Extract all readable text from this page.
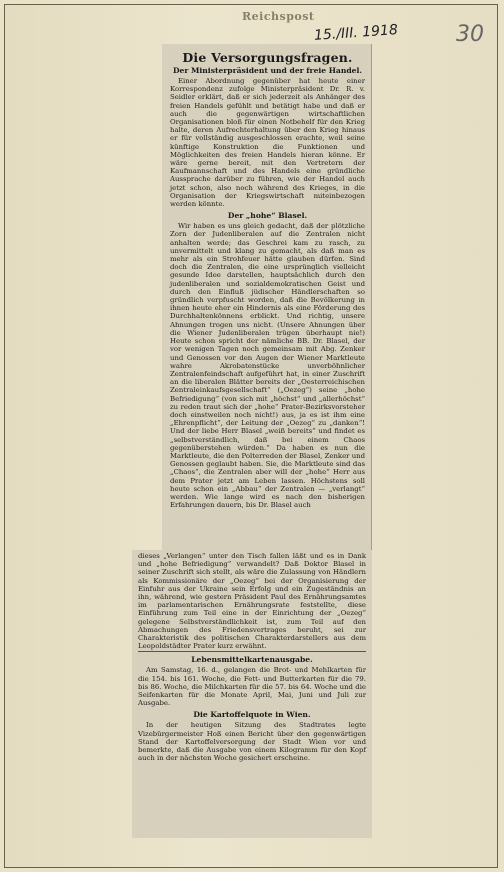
Reichspost
15./III. 1918	30
Die Versorgungsfragen.
Der Ministerpräsident und der freie Handel.

Einer Abordnung gegenüber hat heute einer Korrespondenz zufolge Ministerpräsident Dr. R. v. Seidler erklärt, daß er sich jederzeit als Anhänger des freien Handels gefühlt und betätigt habe und daß er auch die gegenwärtigen wirtschaftlichen Organisationen bloß für einen Notbehelf für den Krieg halte, deren Aufrechterhaltung über den Krieg hinaus er für vollständig ausgeschlossen erachte, weil seine künftige Konstruktion die Funktionen und Möglichkeiten des freien Handels hieran könne. Er wäre gerne bereit, mit den Vertretern der Kaufmannschaft und des Handels eine gründliche Aussprache darüber zu führen, wie der Handel auch jetzt schon, also noch während des Krieges, in die Organisation der Kriegswirtschaft miteinbezogen werden könnte.

Der „hohe“ Blasel.

Wir haben es uns gleich gedacht, daß der plötzliche Zorn der Judenliberalen auf die Zentralen nicht anhalten werde; das Geschrei kam zu rasch, zu unvermittelt und klang zu gemacht, als daß man es mehr als ein Strohfeuer hätte glauben dürfen. Sind doch die Zentralen, die eine ursprünglich vielleicht gesunde Idee darstellen, hauptsächlich durch den judenliberalen und sozialdemokratischen Geist und durch den Einfluß jüdischer Händlerschaften so gründlich verpfuscht worden, daß die Bevölkerung in ihnen heute eher ein Hindernis als eine Förderung des Durchhaltenkönnens erblickt. Und richtig, unsere Ahnungen trogen uns nicht. (Unsere Ahnungen über die Wiener Judenliberalen trügen überhaupt nie!) Heute schon spricht der nämliche BB. Dr. Blasel, der vor wenigen Tagen noch gemeinsam mit Abg. Zenker und Genossen vor den Augen der Wiener Marktleute wahre Akrobatenstücke unverböhnlicher Zentralenfeindschaft aufgeführt hat, in einer Zuschrift an die liberalen Blätter bereits der „Oesterreichischen Zentraleinkaufsgesellschaft“ („Oezeg“) seine „hohe Befriedigung“ (von sich mit „höchst“ und „allerhöchst“ zu reden traut sich der „hohe“ Prater-Bezirksvorsteher doch einstweilen noch nicht!) aus, ja es ist ihm eine „Ehrenpflicht“, der Leitung der „Oezeg“ zu „danken“! Und der liebe Herr Blasel „weiß bereits“ und findet es „selbstverständlich, daß bei einem Chaos gegenüberstehen würden.“ Da haben es nun die Marktleute, die den Polterreden der Blasel, Zenker und Genossen geglaubt haben. Sie, die Marktleute sind das „Chaos“, die Zentralen aber will der „hohe“ Herr aus dem Prater jetzt am Leben lassen. Höchstens soll heute schon ein „Abbau“ der Zentralen — „verlangt“ werden. Wie lange wird es nach den bisherigen Erfahrungen dauern, bis Dr. Blasel auch

dieses „Verlangen“ unter den Tisch fallen läßt und es in Dank und „hohe Befriedigung“ verwandelt? Daß Doktor Blasel in seiner Zuschrift sich stellt, als wäre die Zulassung von Händlern als Kommissionäre der „Oezeg“ bei der Organisierung der Einfuhr aus der Ukraine sein Erfolg und ein Zugeständnis an ihn, während, wie gestern Präsident Paul des Ernährungsamtes im parlamentarischen Ernährungsrate feststellte, diese Einführung zum Teil eine in der Einrichtung der „Oezeg“ gelegene Selbstverständlichkeit ist, zum Teil auf den Abmachungen des Friedensvertrages beruht, sei zur Charakteristik des politischen Charakterdarstellers aus dem Leopoldstädter Prater kurz erwähnt.

Lebensmittelkartenausgabe.

Am Samstag, 16. d., gelangen die Brot- und Mehlkarten für die 154. bis 161. Woche, die Fett- und Butterkarten für die 79. bis 86. Woche, die Milchkarten für die 57. bis 64. Woche und die Seifenkarten für die Monate April, Mai, Juni und Juli zur Ausgabe.

Die Kartoffelquote in Wien.

In der heutigen Sitzung des Stadtrates legte Vizebürgermeister Hoß einen Bericht über den gegenwärtigen Stand der Kartoffelversorgung der Stadt Wien vor und bemerkte, daß die Ausgabe von einem Kilogramm für den Kopf auch in der nächsten Woche gesichert erscheine.
